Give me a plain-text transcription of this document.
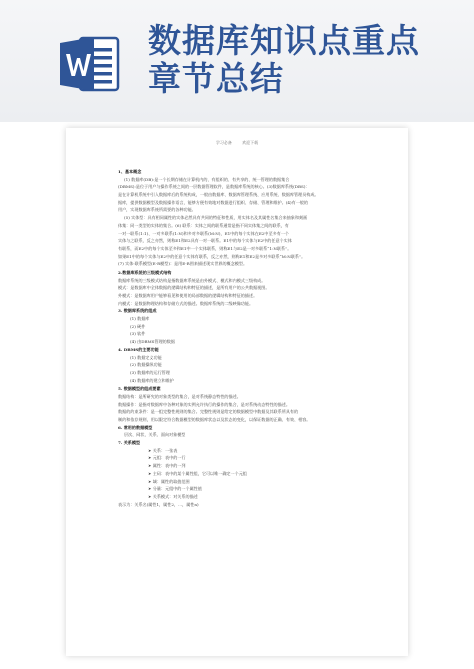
数据库知识点重点
章节总结
学习必备        欢迎下载
1、基本概念
(1) 数据库(DB):是一个长期存储在计算机内的、有组织的、有共享的、统一管理的数据集合
(DBMS):是位于用户与操作系统之间的一层数据管理软件，是数据库系统的核心。(3)数据库系统(DBS)：
是在计算机系统中引入数据库后的系统构成，一般由数据库、数据库管理系统、应用系统、数据库管理员构成。
据库，提供数据模型及数据操作语言，能够方便有效地对数据进行组织、存储、管理和维护。(4)有一般的
用户，实现数据库系统所需要的各种功能。
(5) 实体型：具有相同属性的实体必然具有共同的特征和性质，用实体名及其属性名集合来抽象和刻画
体集：同一类型的实体的集合。(6) 联系：实体之间的联系通常是指不同实体集之间的联系，有
一对一联系(1:1)、一对多联系(1:N)和多对多联系(M:N)，E1中的每个实体在E2中至多有一个
实体与之联系，反之亦然，则称E1和E2具有一对一联系。E1中的每个实体与E2中的任意个实体
有联系，而E2中的每个实体至多和E1中一个实体联系，则称E1与E2是一对多联系“1:N联系”。
如果E1中的每个实体与E2中的任意个实体有联系，反之亦然，则称E1和E2是多对多联系“M:N联系”。
(7) 实体-联系模型(E-R模型)：是用E-R图来描述现实世界的概念模型。
2.数据库系统的三级模式结构
数据库系统的三级模式结构是指数据库系统是由外模式、模式和内模式三级构成。
模式：是数据库中全体数据的逻辑结构和特征的描述，是所有用户的公共数据视图。
外模式：是数据库用户能够看见和使用的局部数据的逻辑结构和特征的描述。
内模式：是数据物理结构和存储方式的描述。数据库系统的二级映像功能。
3. 数据库系统的组成
(1) 数据库
(2) 硬件
(3) 软件
(4) 由DBMS管理的数据
4. DBMS的主要功能
(1) 数据定义功能
(2) 数据操纵功能
(3) 数据库的运行管理
(4) 数据库的建立和维护
5. 数据模型的组成要素
数据结构：是所研究的对象类型的集合，是对系统静态特性的描述。
数据操作：是指对数据库中各种对象的实例允许执行的操作的集合，是对系统动态特性的描述。
数据的约束条件：是一组完整性规则的集合。完整性规则是给定的数据模型中数据及其联系所具有的
制约和依存规则，用以限定符合数据模型的数据库状态以及状态的变化，以保证数据的正确、有效、相容。
6. 常用的数据模型
层次、网状、关系、面向对象模型
7. 关系模型
➤ 关系：一张表
➤ 元组：表中的一行
➤ 属性：表中的一列
➤ 主码：表中的某个属性组，它可以唯一确定一个元组
➤ 域：属性的取值范围
➤ 分量：元组中的一个属性值
➤ 关系模式：对关系的描述
表示为：关系名(属性1，属性2，…，属性n)
